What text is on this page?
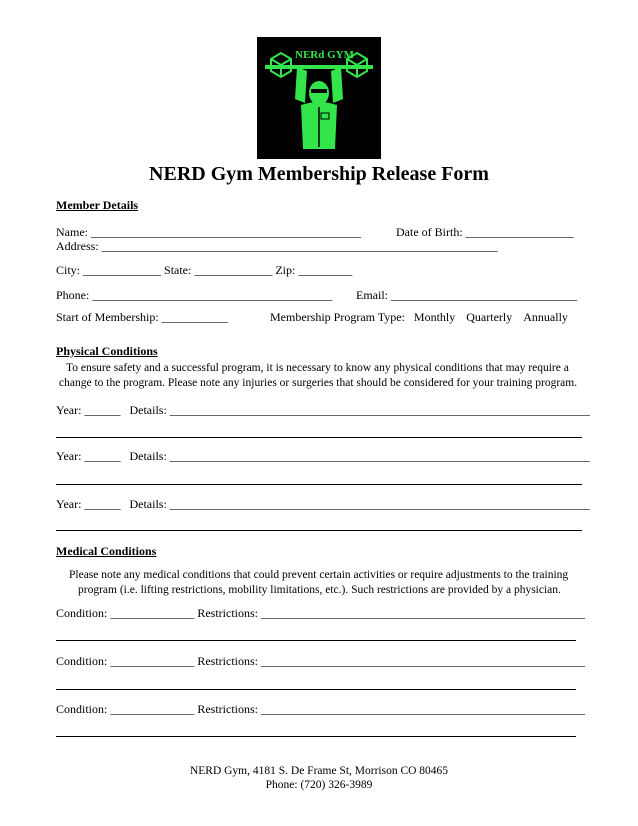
NERd GYM
NERD Gym Membership Release Form
Member Details
Name: _____________________________________________	Date of Birth: __________________
Address: __________________________________________________________________
City: _____________ State: _____________ Zip: _________
Phone: ________________________________________ Email: _______________________________
Start of Membership: ___________	Membership Program Type: Monthly Quarterly Annually
Physical Conditions
To ensure safety and a successful program, it is necessary to know any physical conditions that may require a
change to the program. Please note any injuries or surgeries that should be considered for your training program.
Year: ______ Details: ______________________________________________________________________
Year: ______ Details: ______________________________________________________________________
Year: ______ Details: ______________________________________________________________________
Medical Conditions
Please note any medical conditions that could prevent certain activities or require adjustments to the training
program (i.e. lifting restrictions, mobility limitations, etc.). Such restrictions are provided by a physician.
Condition: ______________ Restrictions: ______________________________________________________
Condition: ______________ Restrictions: ______________________________________________________
Condition: ______________ Restrictions: ______________________________________________________
NERD Gym, 4181 S. De Frame St, Morrison CO 80465
Phone: (720) 326-3989
